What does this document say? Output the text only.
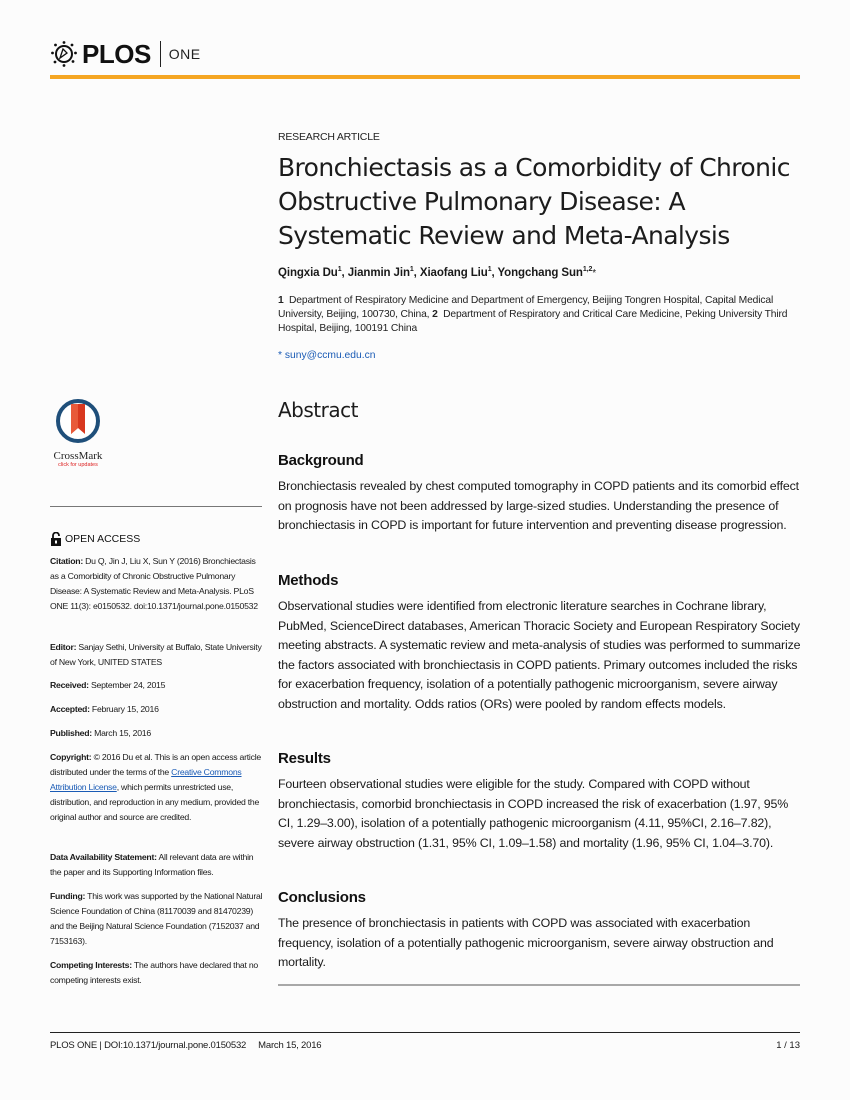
PLOS ONE
RESEARCH ARTICLE
Bronchiectasis as a Comorbidity of Chronic Obstructive Pulmonary Disease: A Systematic Review and Meta-Analysis
Qingxia Du$^1$, Jianmin Jin$^1$, Xiaofang Liu$^1$, Yongchang Sun$^{1,2}$*
1 Department of Respiratory Medicine and Department of Emergency, Beijing Tongren Hospital, Capital Medical University, Beijing, 100730, China, 2 Department of Respiratory and Critical Care Medicine, Peking University Third Hospital, Beijing, 100191 China
* suny@ccmu.edu.cn
Abstract
Background
Bronchiectasis revealed by chest computed tomography in COPD patients and its comorbid effect on prognosis have not been addressed by large-sized studies. Understanding the presence of bronchiectasis in COPD is important for future intervention and preventing disease progression.
Methods
Observational studies were identified from electronic literature searches in Cochrane library, PubMed, ScienceDirect databases, American Thoracic Society and European Respiratory Society meeting abstracts. A systematic review and meta-analysis of studies was performed to summarize the factors associated with bronchiectasis in COPD patients. Primary outcomes included the risks for exacerbation frequency, isolation of a potentially pathogenic microorganism, severe airway obstruction and mortality. Odds ratios (ORs) were pooled by random effects models.
Results
Fourteen observational studies were eligible for the study. Compared with COPD without bronchiectasis, comorbid bronchiectasis in COPD increased the risk of exacerbation (1.97, 95% CI, 1.29–3.00), isolation of a potentially pathogenic microorganism (4.11, 95%CI, 2.16–7.82), severe airway obstruction (1.31, 95% CI, 1.09–1.58) and mortality (1.96, 95% CI, 1.04–3.70).
Conclusions
The presence of bronchiectasis in patients with COPD was associated with exacerbation frequency, isolation of a potentially pathogenic microorganism, severe airway obstruction and mortality.
CrossMark
click for updates
OPEN ACCESS
Citation: Du Q, Jin J, Liu X, Sun Y (2016) Bronchiectasis as a Comorbidity of Chronic Obstructive Pulmonary Disease: A Systematic Review and Meta-Analysis. PLoS ONE 11(3): e0150532. doi:10.1371/journal.pone.0150532
Editor: Sanjay Sethi, University at Buffalo, State University of New York, UNITED STATES
Received: September 24, 2015
Accepted: February 15, 2016
Published: March 15, 2016
Copyright: © 2016 Du et al. This is an open access article distributed under the terms of the Creative Commons Attribution License, which permits unrestricted use, distribution, and reproduction in any medium, provided the original author and source are credited.
Data Availability Statement: All relevant data are within the paper and its Supporting Information files.
Funding: This work was supported by the National Natural Science Foundation of China (81170039 and 81470239) and the Beijing Natural Science Foundation (7152037 and 7153163).
Competing Interests: The authors have declared that no competing interests exist.
PLOS ONE | DOI:10.1371/journal.pone.0150532 March 15, 2016	1 / 13
